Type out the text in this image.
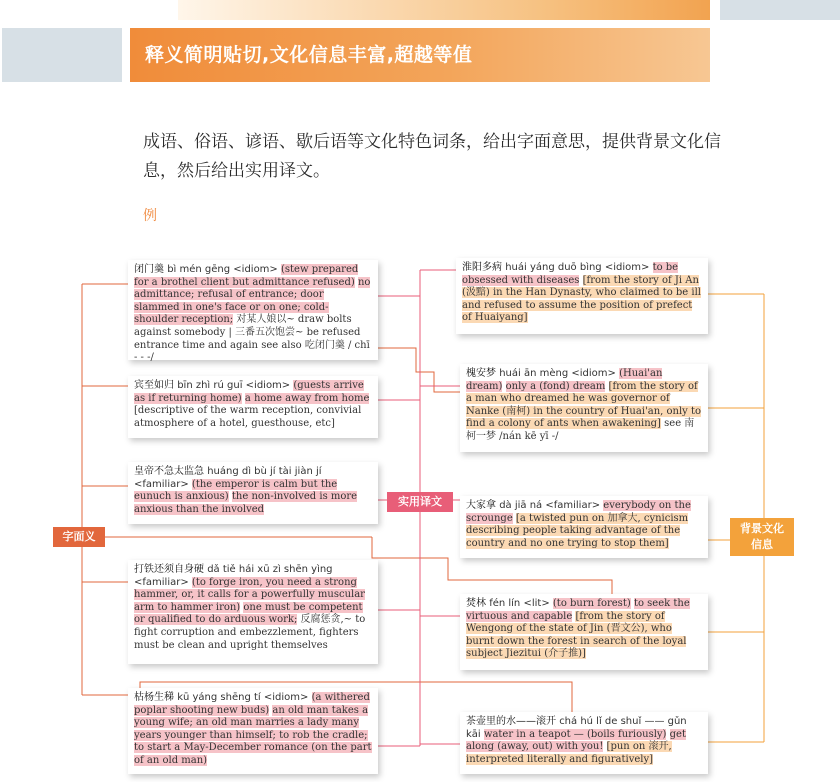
释义简明贴切,文化信息丰富,超越等值
成语、俗语、谚语、歇后语等文化特色词条，给出字面意思，提供背景文化信息，然后给出实用译文。
例

闭门羹 bì mén gēng <idiom> (stew prepared for a brothel client but admittance refused) no admittance; refusal of entrance; door slammed in one's face or on one; cold-shoulder reception; 对某人娘以~ draw bolts against somebody | 三番五次饱尝~ be refused entrance time and again see also 吃闭门羹 / chī - - -/

宾至如归 bīn zhì rú guī <idiom> (guests arrive as if returning home) a home away from home [descriptive of the warm reception, convivial atmosphere of a hotel, guesthouse, etc]

皇帝不急太监急 huáng dì bù jí tài jiàn jí <familiar> (the emperor is calm but the eunuch is anxious) the non-involved is more anxious than the involved

打铁还须自身硬 dǎ tiě hái xū zì shēn yìng <familiar> (to forge iron, you need a strong hammer, or, it calls for a powerfully muscular arm to hammer iron) one must be competent or qualified to do arduous work; 反腐惩贪,~ to fight corruption and embezzlement, fighters must be clean and upright themselves

枯杨生稊 kū yáng shēng tí <idiom> (a withered poplar shooting new buds) an old man takes a young wife; an old man marries a lady many years younger than himself; to rob the cradle; to start a May-December romance (on the part of an old man)

淮阳多病 huái yáng duō bìng <idiom> to be obsessed with diseases [from the story of Ji An (汲黯) in the Han Dynasty, who claimed to be ill and refused to assume the position of prefect of Huaiyang]

槐安梦 huái ān mèng <idiom> (Huai'an dream) only a (fond) dream [from the story of a man who dreamed he was governor of Nanke (南柯) in the country of Huai'an, only to find a colony of ants when awakening] see 南柯一梦 /nán kē yī -/

大家拿 dà jiā ná <familiar> everybody on the scrounge [a twisted pun on 加拿大, cynicism describing people taking advantage of the country and no one trying to stop them]

焚林 fén lín <lit> (to burn forest) to seek the virtuous and capable [from the story of Wengong of the state of Jin (晋文公), who burnt down the forest in search of the loyal subject Jiezitui (介子推)]

茶壶里的水——滚开 chá hú lǐ de shuǐ —— gǔn kāi water in a teapot — (boils furiously) get along (away, out) with you! [pun on 滚开, interpreted literally and figuratively]

字面义
实用译文
背景文化
信息
